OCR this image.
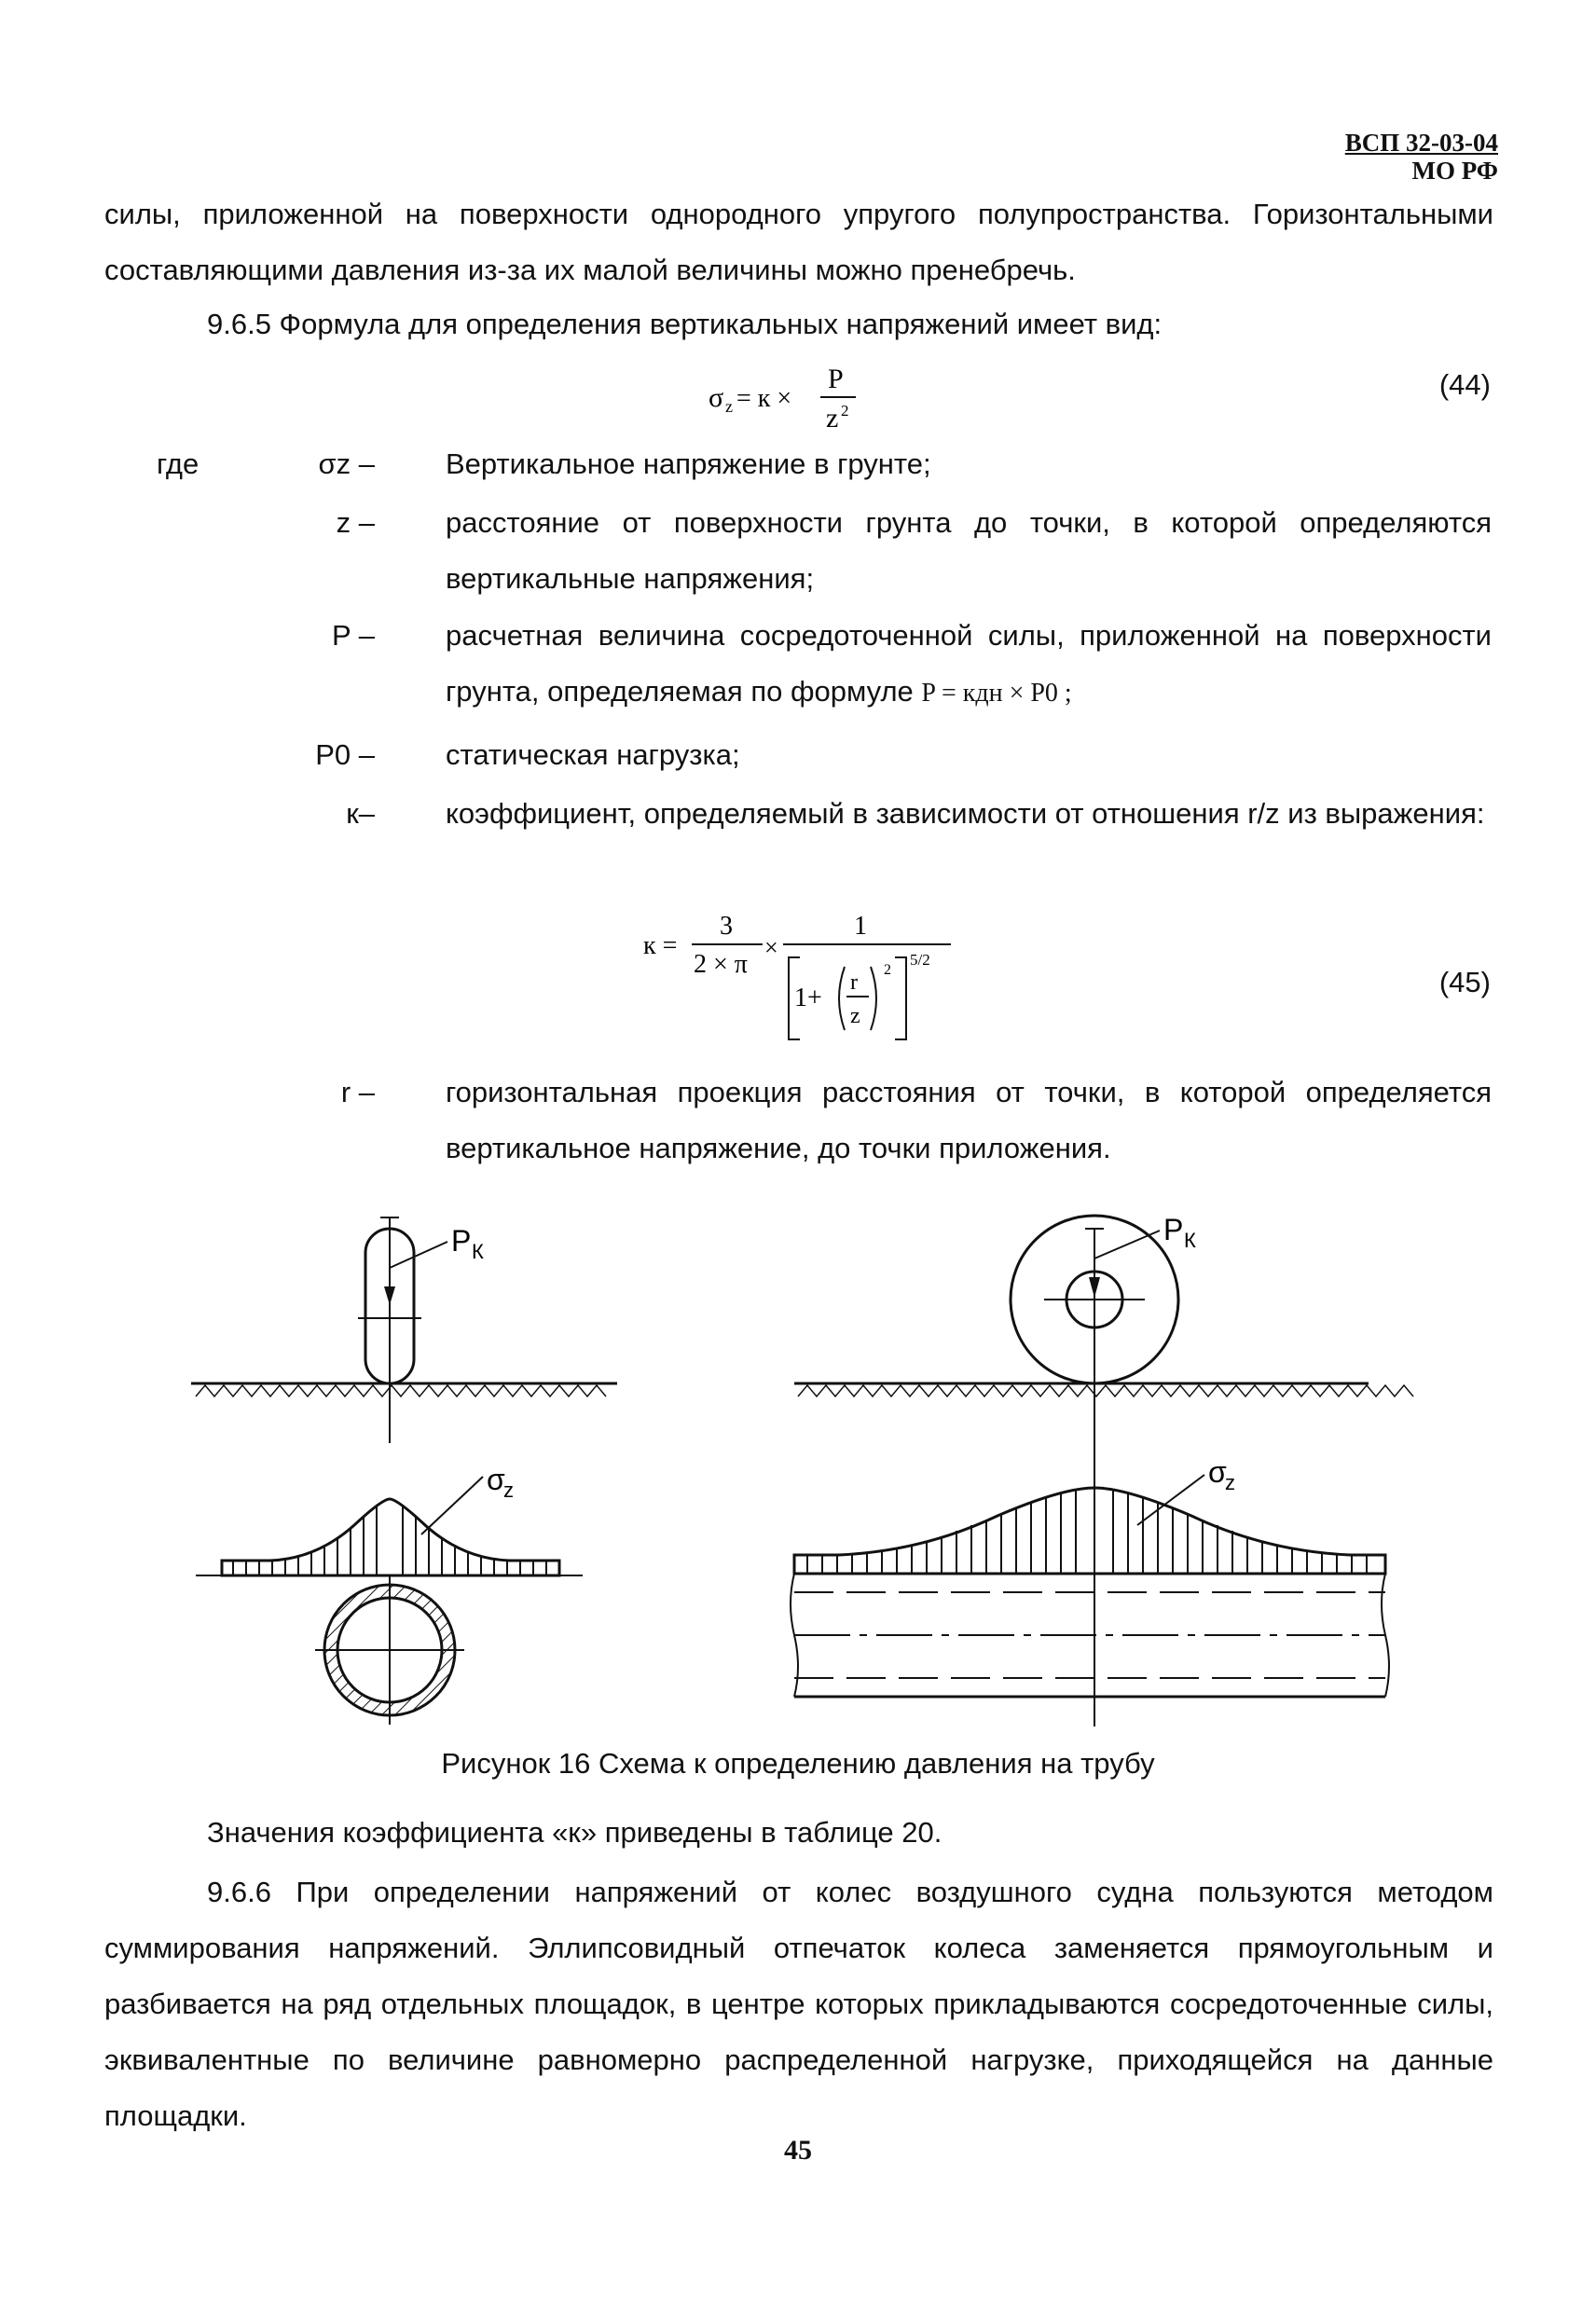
ВСП 32-03-04
МО РФ
силы, приложенной на поверхности однородного упругого полупространства. Горизонтальными составляющими давления из-за их малой величины можно пренебречь.
9.6.5 Формула для определения вертикальных напряжений имеет вид:
σ z = к ×
P
z 2
(44)
где	σz – Вертикальное напряжение в грунте;
z – расстояние от поверхности грунта до точки, в которой определяются вертикальные напряжения;
P – расчетная величина сосредоточенной силы, приложенной на поверхности грунта, определяемая по формуле P = кдн × P0 ;
P0 – статическая нагрузка;
к– коэффициент, определяемый в зависимости от отношения r/z из выражения:
к =
3
2 × π
×
1
1+
r
z
2
5/2
(45)
r – горизонтальная проекция расстояния от точки, в которой определяется вертикальное напряжение, до точки приложения.
P К
σ
z
P К
σ
z
Рисунок 16 Схема к определению давления на трубу
Значения коэффициента «к» приведены в таблице 20.
9.6.6 При определении напряжений от колес воздушного судна пользуются методом суммирования напряжений. Эллипсовидный отпечаток колеса заменяется прямоугольным и разбивается на ряд отдельных площадок, в центре которых прикладываются сосредоточенные силы, эквивалентные по величине равномерно распределенной нагрузке, приходящейся на данные площадки.
45
